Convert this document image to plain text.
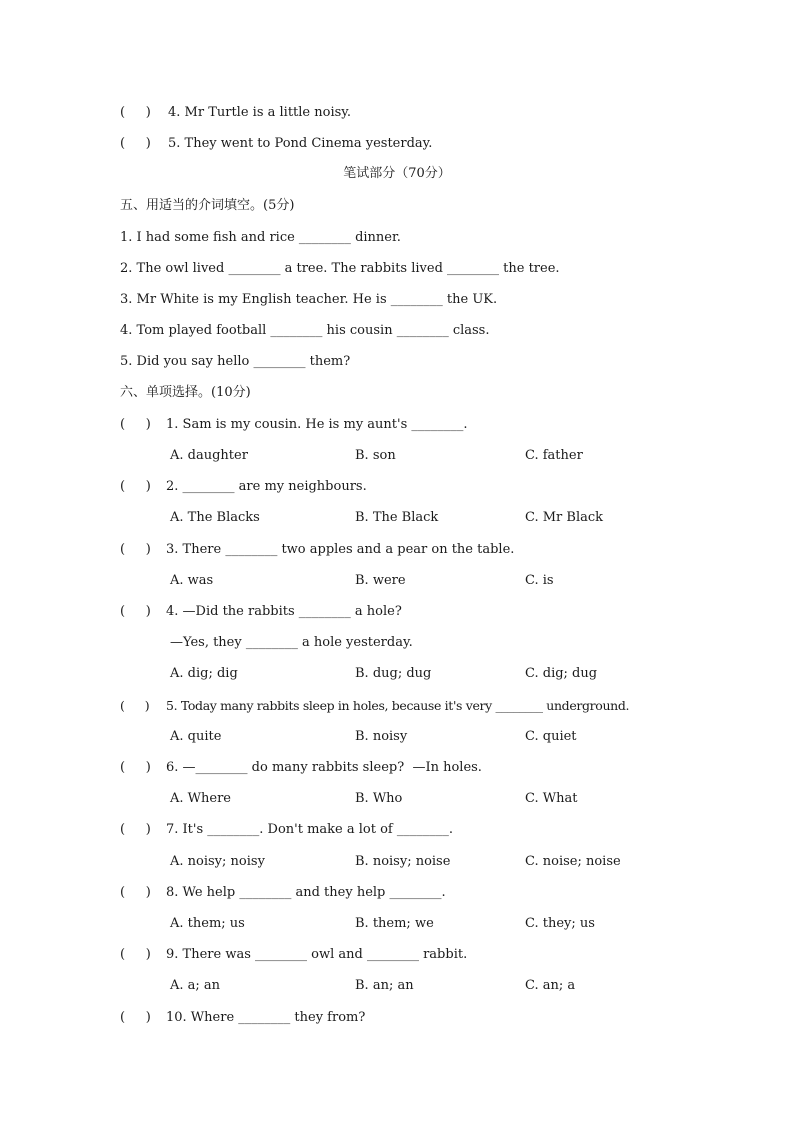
(     ) 4. Mr Turtle is a little noisy.
(     ) 5. They went to Pond Cinema yesterday.
笔试部分（70分）
五、用适当的介词填空。(5分)
1. I had some fish and rice ________ dinner.
2. The owl lived ________ a tree. The rabbits lived ________ the tree.
3. Mr White is my English teacher. He is ________ the UK.
4. Tom played football ________ his cousin ________ class.
5. Did you say hello ________ them?
六、单项选择。(10分)
(     ) 1. Sam is my cousin. He is my aunt's ________.
A. daughter	B. son	C. father
(     ) 2. ________ are my neighbours.
A. The Blacks	B. The Black	C. Mr Black
(     ) 3. There ________ two apples and a pear on the table.
A. was	B. were	C. is
(     ) 4. —Did the rabbits ________ a hole?
—Yes, they ________ a hole yesterday.
A. dig; dig	B. dug; dug	C. dig; dug
(     ) 5. Today many rabbits sleep in holes, because it's very ________ underground.
A. quite	B. noisy	C. quiet
(     ) 6. —________ do many rabbits sleep?  —In holes.
A. Where	B. Who	C. What
(     ) 7. It's ________. Don't make a lot of ________.
A. noisy; noisy	B. noisy; noise	C. noise; noise
(     ) 8. We help ________ and they help ________.
A. them; us	B. them; we	C. they; us
(     ) 9. There was ________ owl and ________ rabbit.
A. a; an	B. an; an	C. an; a
(     ) 10. Where ________ they from?
